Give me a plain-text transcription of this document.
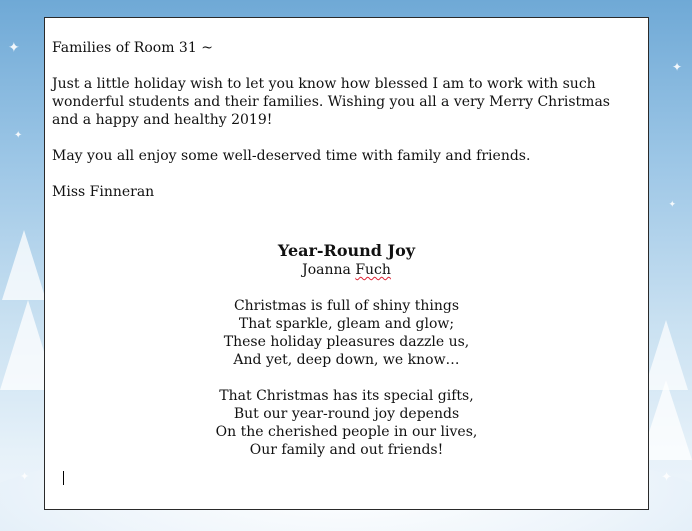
✦
✦
✦
✦
✦	✦

Families of Room 31 ~

Just a little holiday wish to let you know how blessed I am to work with such wonderful students and their families. Wishing you all a very Merry Christmas and a happy and healthy 2019!

May you all enjoy some well-deserved time with family and friends.

Miss Finneran

Year-Round Joy
Joanna Fuch
Christmas is full of shiny things
That sparkle, gleam and glow;
These holiday pleasures dazzle us,
And yet, deep down, we know…
That Christmas has its special gifts,
But our year-round joy depends
On the cherished people in our lives,
Our family and out friends!
